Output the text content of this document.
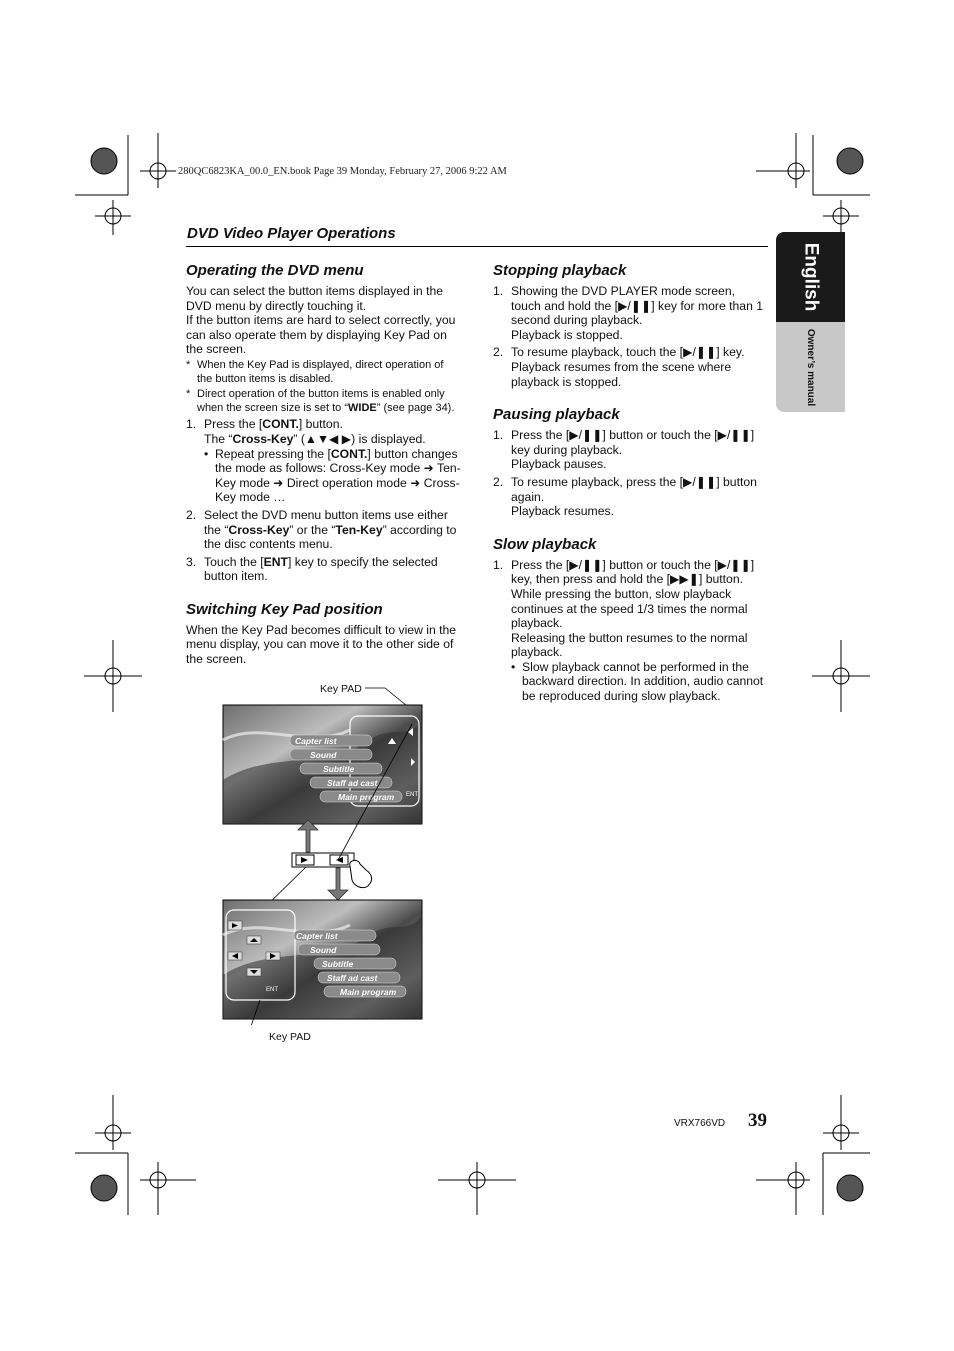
280QC6823KA_00.0_EN.book Page 39 Monday, February 27, 2006 9:22 AM
DVD Video Player Operations
English
Owner’s manual
Operating the DVD menu

You can select the button items displayed in the DVD menu by directly touching it.

If the button items are hard to select correctly, you can also operate them by displaying Key Pad on the screen.

* When the Key Pad is displayed, direct operation of the button items is disabled.
* Direct operation of the button items is enabled only when the screen size is set to “WIDE” (see page 34).
1. Press the [CONT.] button.
The “Cross-Key” (▲▼◀ ▶) is displayed.
• Repeat pressing the [CONT.] button changes the mode as follows: Cross-Key mode ➜ Ten-Key mode ➜ Direct operation mode ➜ Cross-Key mode …
2. Select the DVD menu button items use either the “Cross-Key” or the “Ten-Key” according to the disc contents menu.
3. Touch the [ENT] key to specify the selected button item.
Switching Key Pad position

When the Key Pad becomes difficult to view in the menu display, you can move it to the other side of the screen.

Key PAD
Key PAD
Capter list
Sound
Subtitle
Staff ad cast
Main program ENT
Capter list
Sound
Subtitle
Staff ad cast
Main program
ENT
Stopping playback
1. Showing the DVD PLAYER mode screen, touch and hold the [▶/❚❚] key for more than 1 second during playback.
Playback is stopped.
2. To resume playback, touch the [▶/❚❚] key.
Playback resumes from the scene where playback is stopped.
Pausing playback
1. Press the [▶/❚❚] button or touch the [▶/❚❚] key during playback.
Playback pauses.
2. To resume playback, press the [▶/❚❚] button again.
Playback resumes.
Slow playback
1. Press the [▶/❚❚] button or touch the [▶/❚❚] key, then press and hold the [▶▶❚] button.
While pressing the button, slow playback continues at the speed 1/3 times the normal playback.
Releasing the button resumes to the normal playback.
• Slow playback cannot be performed in the backward direction. In addition, audio cannot be reproduced during slow playback.
VRX766VD 39
